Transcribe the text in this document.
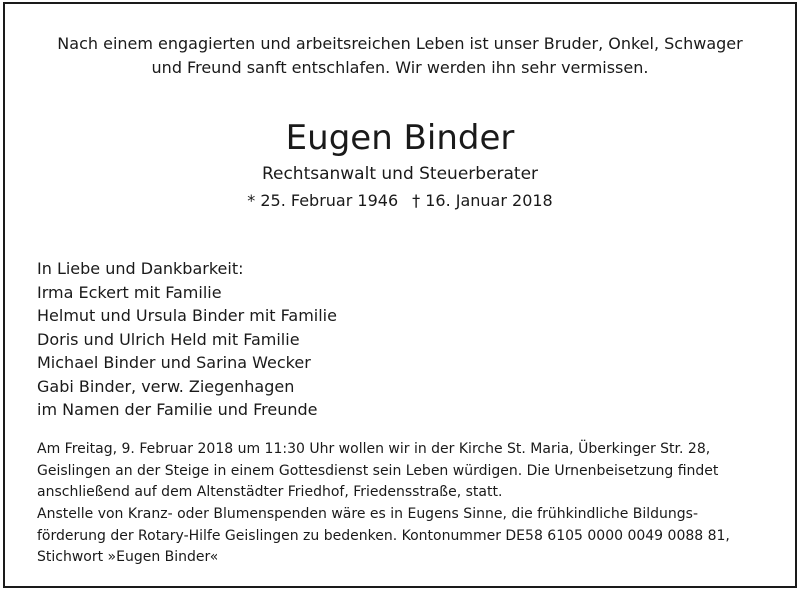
Nach einem engagierten und arbeitsreichen Leben ist unser Bruder, Onkel, Schwager
und Freund sanft entschlafen. Wir werden ihn sehr vermissen.
Eugen Binder
Rechtsanwalt und Steuerberater
* 25. Februar 1946 † 16. Januar 2018
In Liebe und Dankbarkeit:
Irma Eckert mit Familie
Helmut und Ursula Binder mit Familie
Doris und Ulrich Held mit Familie
Michael Binder und Sarina Wecker
Gabi Binder, verw. Ziegenhagen
im Namen der Familie und Freunde
Am Freitag, 9. Februar 2018 um 11:30 Uhr wollen wir in der Kirche St. Maria, Überkinger Str. 28,
Geislingen an der Steige in einem Gottesdienst sein Leben würdigen. Die Urnenbeisetzung findet
anschließend auf dem Altenstädter Friedhof, Friedensstraße, statt.
Anstelle von Kranz- oder Blumenspenden wäre es in Eugens Sinne, die frühkindliche Bildungs-
förderung der Rotary-Hilfe Geislingen zu bedenken. Kontonummer DE58 6105 0000 0049 0088 81,
Stichwort »Eugen Binder«
